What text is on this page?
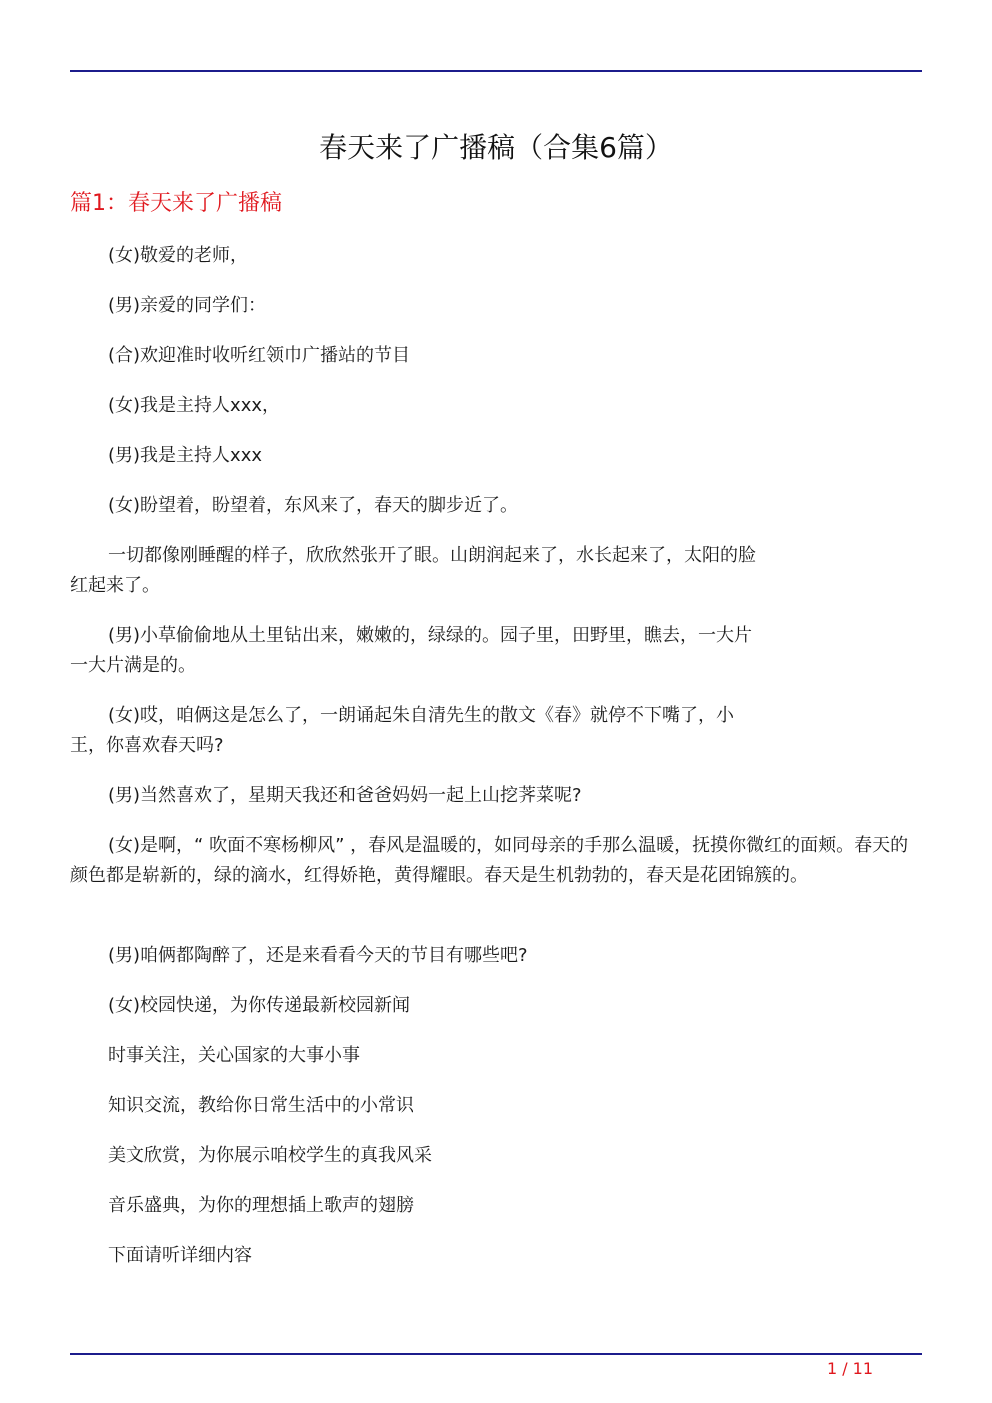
春天来了广播稿（合集6篇）
篇1：春天来了广播稿

(女)敬爱的老师，

(男)亲爱的同学们：

(合)欢迎准时收听红领巾广播站的节目

(女)我是主持人xxx，

(男)我是主持人xxx

(女)盼望着，盼望着，东风来了，春天的脚步近了。

一切都像刚睡醒的样子，欣欣然张开了眼。山朗润起来了，水长起来了，太阳的脸红起来了。

(男)小草偷偷地从土里钻出来，嫩嫩的，绿绿的。园子里，田野里，瞧去，一大片一大片满是的。

(女)哎，咱俩这是怎么了，一朗诵起朱自清先生的散文《春》就停不下嘴了，小王，你喜欢春天吗?

(男)当然喜欢了，星期天我还和爸爸妈妈一起上山挖荠菜呢?

(女)是啊，“ 吹面不寒杨柳风” ，春风是温暖的，如同母亲的手那么温暖，抚摸你微红的面颊。春天的颜色都是崭新的，绿的滴水，红得娇艳，黄得耀眼。春天是生机勃勃的，春天是花团锦簇的。

(男)咱俩都陶醉了，还是来看看今天的节目有哪些吧?

(女)校园快递，为你传递最新校园新闻

时事关注，关心国家的大事小事

知识交流，教给你日常生活中的小常识

美文欣赏，为你展示咱校学生的真我风采

音乐盛典，为你的理想插上歌声的翅膀

下面请听详细内容

1 / 11
